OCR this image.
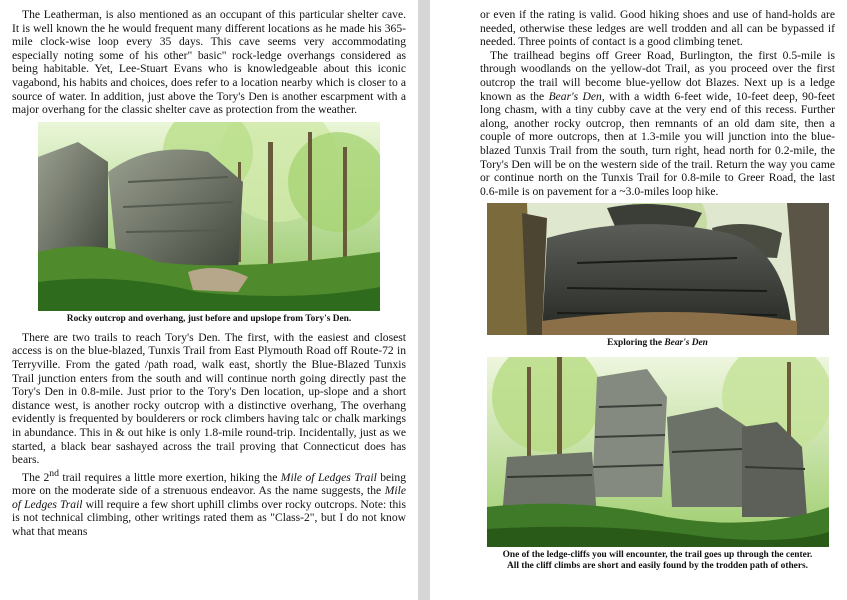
The Leatherman, is also mentioned as an occupant of this particular shelter cave. It is well known the he would frequent many different locations as he made his 365-mile clock-wise loop every 35 days. This cave seems very accommodating especially noting some of his other" basic" rock-ledge overhangs considered as being habitable. Yet, Lee-Stuart Evans who is knowledgeable about this iconic vagabond, his habits and choices, does refer to a location nearby which is closer to a source of water. In addition, just above the Tory's Den is another escarpment with a major overhang for the classic shelter cave as protection from the weather.

Rocky outcrop and overhang, just before and upslope from Tory's Den.

There are two trails to reach Tory's Den. The first, with the easiest and closest access is on the blue-blazed, Tunxis Trail from East Plymouth Road off Route-72 in Terryville. From the gated /path road, walk east, shortly the Blue-Blazed Tunxis Trail junction enters from the south and will continue north going directly past the Tory's Den in 0.8-mile. Just prior to the Tory's Den location, up-slope and a short distance west, is another rocky outcrop with a distinctive overhang, The overhang evidently is frequented by boulderers or rock climbers having talc or chalk markings in abundance. This in & out hike is only 1.8-mile round-trip. Incidentally, just as we started, a black bear sashayed across the trail proving that Connecticut does has bears.

The 2nd trail requires a little more exertion, hiking the Mile of Ledges Trail being more on the moderate side of a strenuous endeavor. As the name suggests, the Mile of Ledges Trail will require a few short uphill climbs over rocky outcrops. Note: this is not technical climbing, other writings rated them as "Class-2", but I do not know what that means

or even if the rating is valid. Good hiking shoes and use of hand-holds are needed, otherwise these ledges are well trodden and all can be bypassed if needed. Three points of contact is a good climbing tenet.

The trailhead begins off Greer Road, Burlington, the first 0.5-mile is through woodlands on the yellow-dot Trail, as you proceed over the first outcrop the trail will become blue-yellow dot Blazes. Next up is a ledge known as the Bear's Den, with a width 6-feet wide, 10-feet deep, 90-feet long chasm, with a tiny cubby cave at the very end of this recess. Further along, another rocky outcrop, then remnants of an old dam site, then a couple of more outcrops, then at 1.3-mile you will junction into the blue-blazed Tunxis Trail from the south, turn right, head north for 0.2-mile, the Tory's Den will be on the western side of the trail. Return the way you came or continue north on the Tunxis Trail for 0.8-mile to Greer Road, the last 0.6-mile is on pavement for a ~3.0-miles loop hike.

Exploring the Bear's Den
One of the ledge-cliffs you will encounter, the trail goes up through the center.
All the cliff climbs are short and easily found by the trodden path of others.
